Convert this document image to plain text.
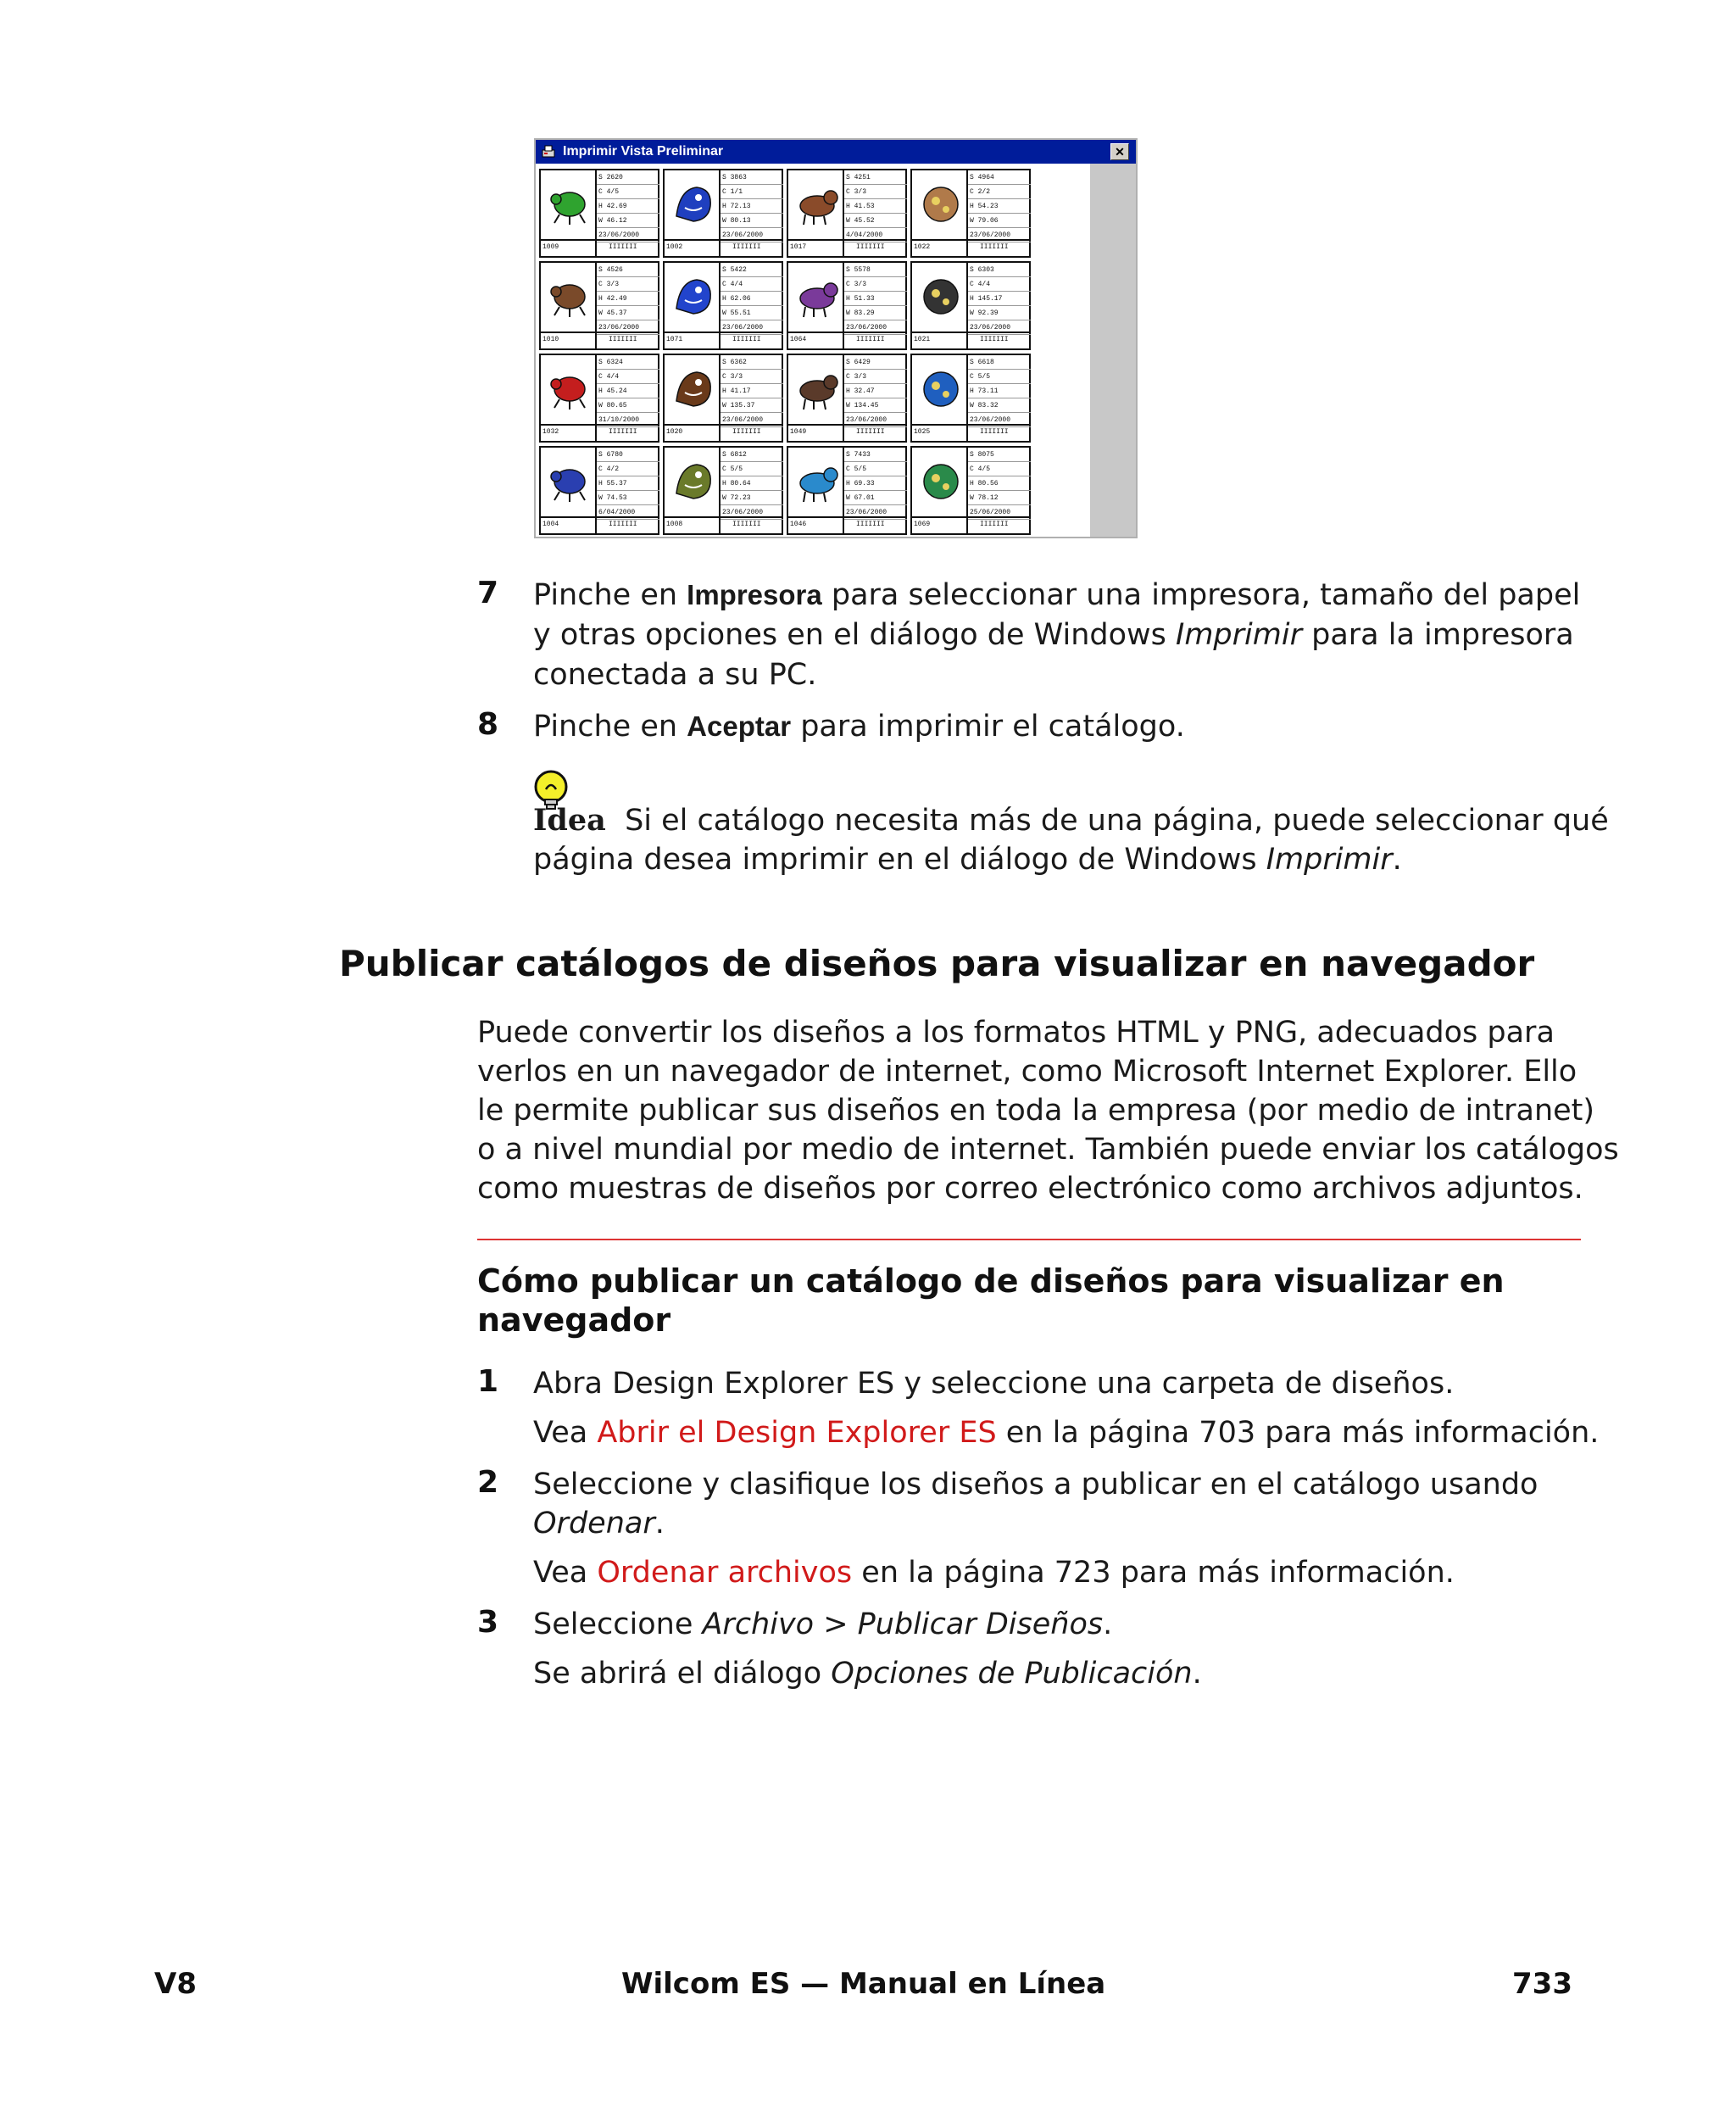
Imprimir Vista Preliminar	✕
S 2620
C 4/5
H 42.69
W 46.12
23/06/2000
1009	IIIIIII
S 3863
C 1/1
H 72.13
W 80.13
23/06/2000
1002	IIIIIII
S 4251
C 3/3
H 41.53
W 45.52
4/04/2000
1017	IIIIIII
S 4964
C 2/2
H 54.23
W 79.06
23/06/2000
1022	IIIIIII
S 4526
C 3/3
H 42.49
W 45.37
23/06/2000
1010	IIIIIII
S 5422
C 4/4
H 62.06
W 55.51
23/06/2000
1071	IIIIIII
S 5578
C 3/3
H 51.33
W 83.29
23/06/2000
1064	IIIIIII
S 6303
C 4/4
H 145.17
W 92.39
23/06/2000
1021	IIIIIII
S 6324
C 4/4
H 45.24
W 80.65
31/10/2000
1032	IIIIIII
S 6362
C 3/3
H 41.17
W 135.37
23/06/2000
1020	IIIIIII
S 6429
C 3/3
H 32.47
W 134.45
23/06/2000
1049	IIIIIII
S 6618
C 5/5
H 73.11
W 83.32
23/06/2000
1025	IIIIIII
S 6780
C 4/2
H 55.37
W 74.53
6/04/2000
1004	IIIIIII
S 6812
C 5/5
H 80.64
W 72.23
23/06/2000
1008	IIIIIII
S 7433
C 5/5
H 69.33
W 67.01
23/06/2000
1046	IIIIIII
S 8075
C 4/5
H 80.56
W 78.12
25/06/2000
1069	IIIIIII
7 Pinche en Impresora para seleccionar una impresora, tamaño del papel
y otras opciones en el diálogo de Windows Imprimir para la impresora
conectada a su PC.
8 Pinche en Aceptar para imprimir el catálogo.
Idea Si el catálogo necesita más de una página, puede seleccionar qué
página desea imprimir en el diálogo de Windows Imprimir.
Publicar catálogos de diseños para visualizar en navegador
Puede convertir los diseños a los formatos HTML y PNG, adecuados para
verlos en un navegador de internet, como Microsoft Internet Explorer. Ello
le permite publicar sus diseños en toda la empresa (por medio de intranet)
o a nivel mundial por medio de internet. También puede enviar los catálogos
como muestras de diseños por correo electrónico como archivos adjuntos.
Cómo publicar un catálogo de diseños para visualizar en
navegador
1 Abra Design Explorer ES y seleccione una carpeta de diseños.
Vea Abrir el Design Explorer ES en la página 703 para más información.
2 Seleccione y clasifique los diseños a publicar en el catálogo usando
Ordenar.
Vea Ordenar archivos en la página 723 para más información.
3 Seleccione Archivo > Publicar Diseños.
Se abrirá el diálogo Opciones de Publicación.
V8	Wilcom ES — Manual en Línea	733
